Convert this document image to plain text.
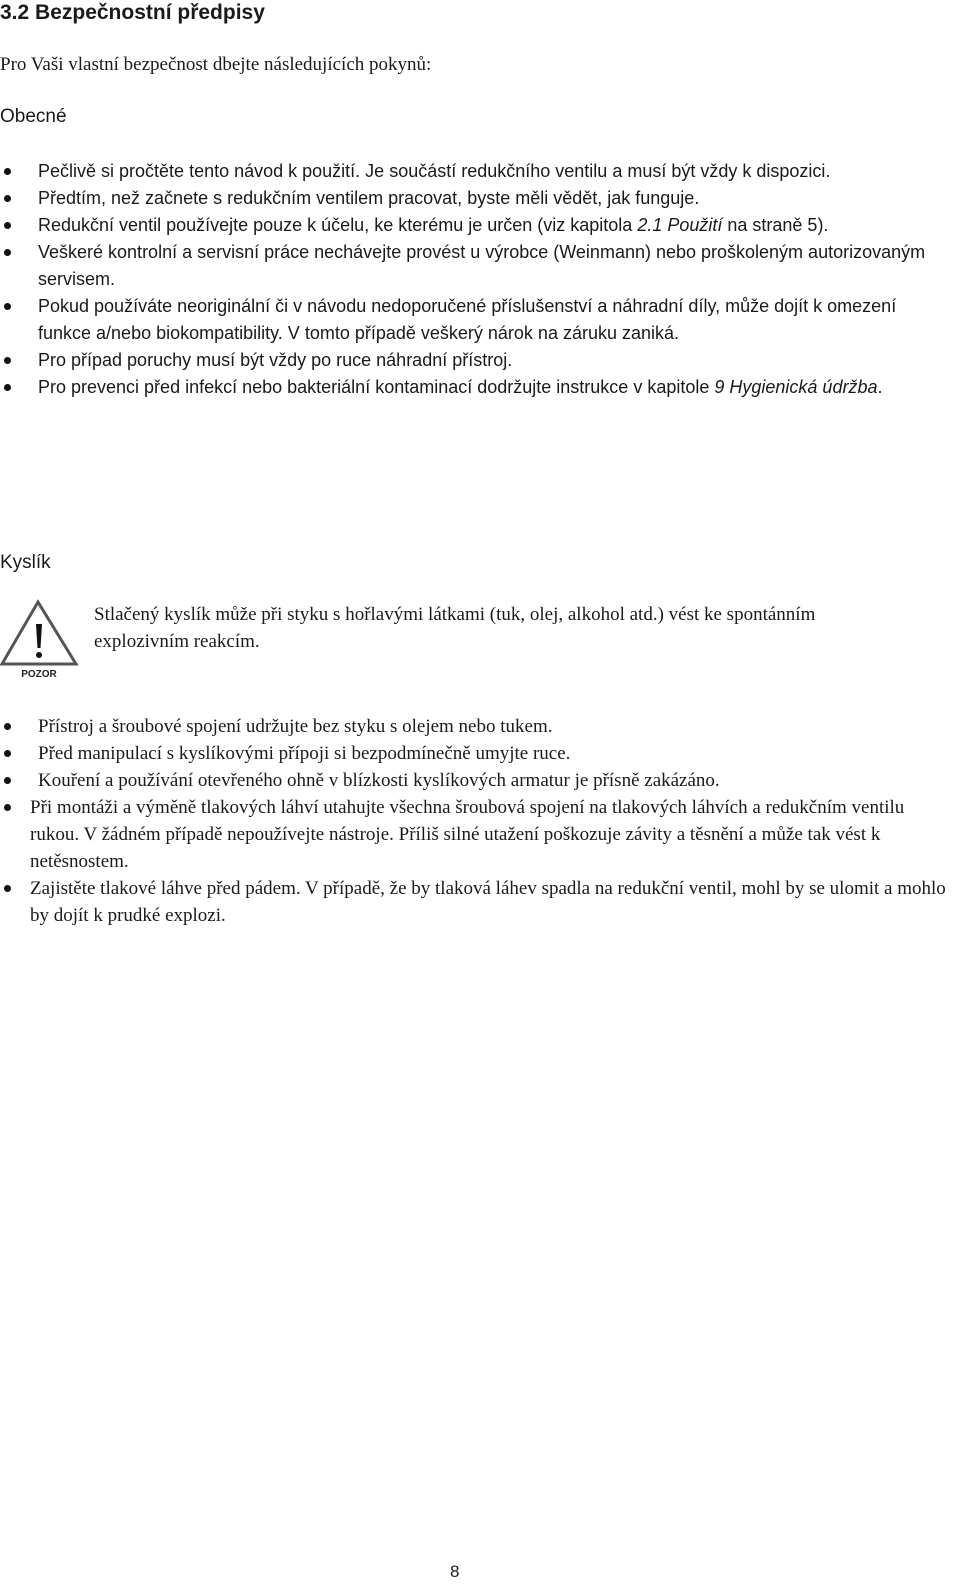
3.2 Bezpečnostní předpisy
Pro Vaši vlastní bezpečnost dbejte následujících pokynů:
Obecné
Pečlivě si pročtěte tento návod k použití. Je součástí redukčního ventilu a musí být vždy k dispozici.
Předtím, než začnete s redukčním ventilem pracovat, byste měli vědět, jak funguje.
Redukční ventil používejte pouze k účelu, ke kterému je určen (viz kapitola 2.1 Použití na straně 5).
Veškeré kontrolní a servisní práce nechávejte provést u výrobce (Weinmann) nebo proškoleným autorizovaným servisem.
Pokud používáte neoriginální či v návodu nedoporučené příslušenství a náhradní díly, může dojít k omezení funkce a/nebo biokompatibility. V tomto případě veškerý nárok na záruku zaniká.
Pro případ poruchy musí být vždy po ruce náhradní přístroj.
Pro prevenci před infekcí nebo bakteriální kontaminací dodržujte instrukce v kapitole 9 Hygienická údržba.
Kyslík
POZOR
Stlačený kyslík může při styku s hořlavými látkami (tuk, olej, alkohol atd.) vést ke spontánním explozivním reakcím.
Přístroj a šroubové spojení udržujte bez styku s olejem nebo tukem.
Před manipulací s kyslíkovými přípoji si bezpodmínečně umyjte ruce.
Kouření a používání otevřeného ohně v blízkosti kyslíkových armatur je přísně zakázáno.
Při montáži a výměně tlakových láhví utahujte všechna šroubová spojení na tlakových láhvích a redukčním ventilu rukou. V žádném případě nepoužívejte nástroje. Příliš silné utažení poškozuje závity a těsnění a může tak vést k netěsnostem.
Zajistěte tlakové láhve před pádem. V případě, že by tlaková láhev spadla na redukční ventil, mohl by se ulomit a mohlo by dojít k prudké explozi.
8
